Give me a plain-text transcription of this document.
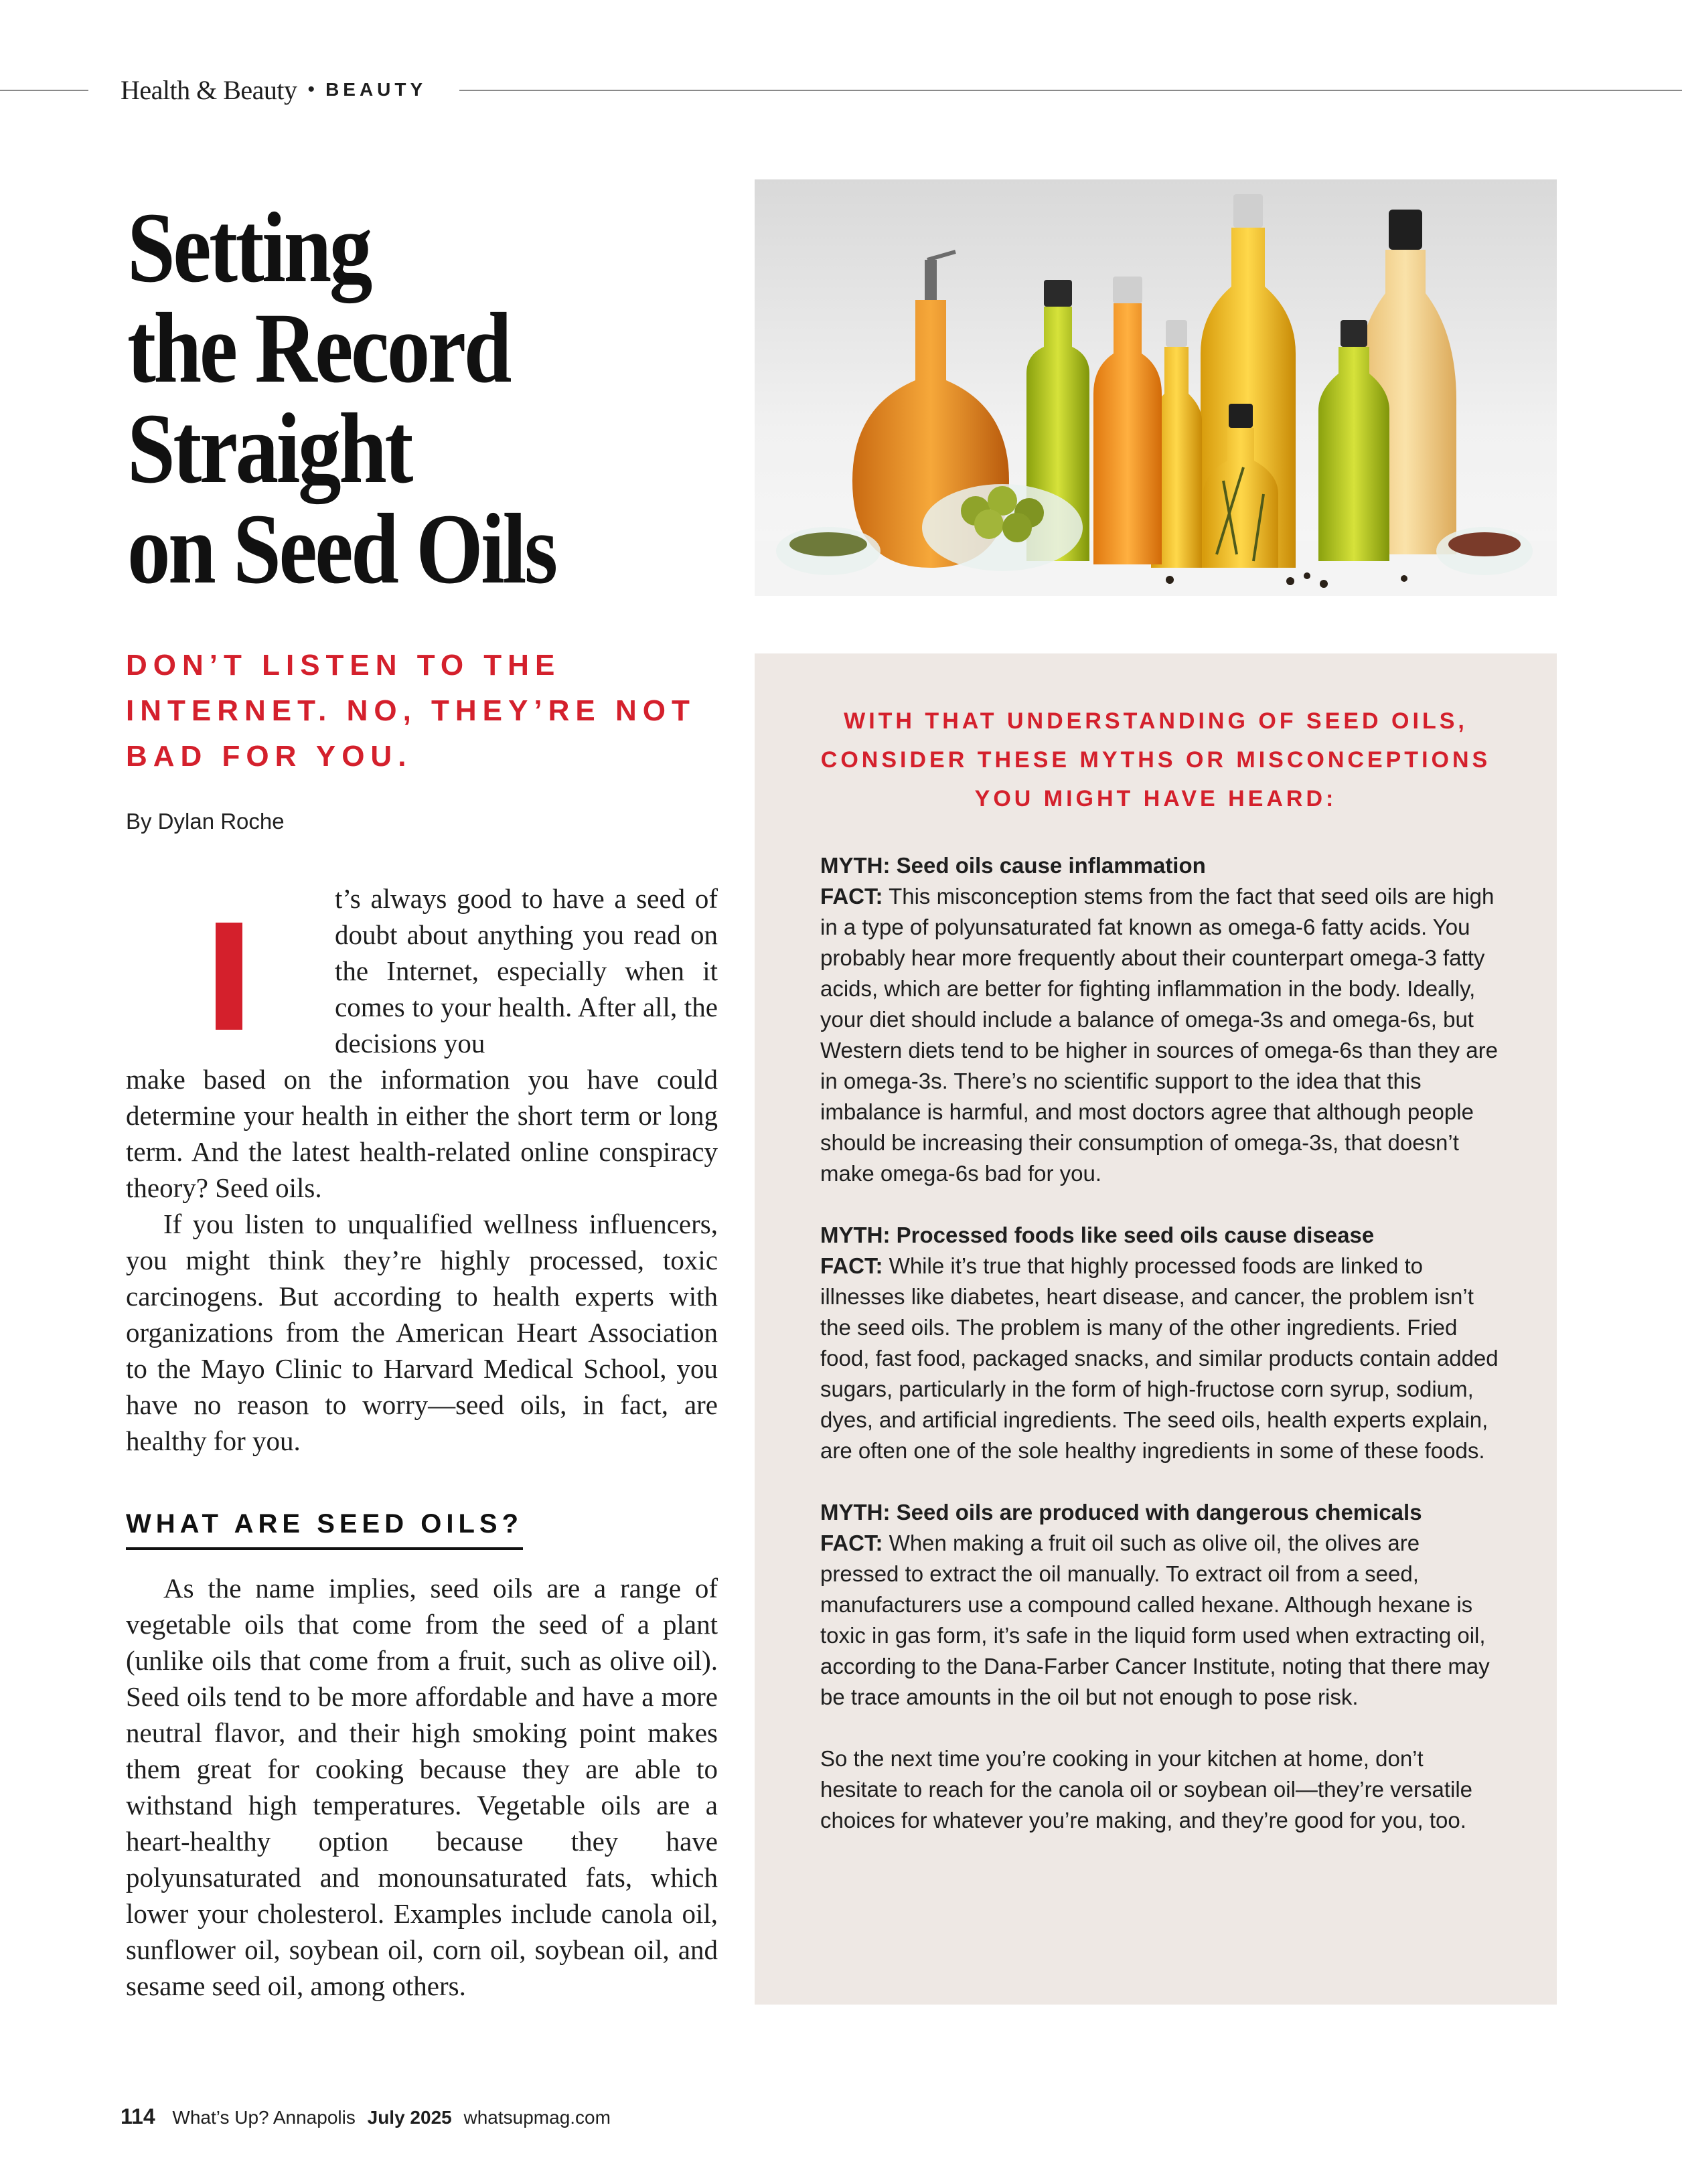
Health & Beauty • BEAUTY
Setting
the Record
Straight
on Seed Oils
DON’T LISTEN TO THE INTERNET. NO, THEY’RE NOT BAD FOR YOU.
By Dylan Roche

t’s always good to have a seed of doubt about anything you read on the Internet, especially when it comes to your health. After all, the decisions you

make based on the information you have could determine your health in either the short term or long term. And the latest health-related online conspiracy theory? Seed oils.

If you listen to unqualified wellness influencers, you might think they’re highly processed, toxic carcinogens. But according to health experts with organizations from the American Heart Association to the Mayo Clinic to Harvard Medical School, you have no reason to worry—seed oils, in fact, are healthy for you.

WHAT ARE SEED OILS?

As the name implies, seed oils are a range of vegetable oils that come from the seed of a plant (unlike oils that come from a fruit, such as olive oil). Seed oils tend to be more affordable and have a more neutral flavor, and their high smoking point makes them great for cooking because they are able to withstand high temperatures. Vegetable oils are a heart-healthy option because they have polyunsaturated and monounsaturated fats, which lower your cholesterol. Examples include canola oil, sunflower oil, soybean oil, corn oil, soybean oil, and sesame seed oil, among others.

WITH THAT UNDERSTANDING OF SEED OILS, CONSIDER THESE MYTHS OR MISCONCEPTIONS YOU MIGHT HAVE HEARD:

MYTH: Seed oils cause inflammation
FACT: This misconception stems from the fact that seed oils are high in a type of polyunsaturated fat known as omega-6 fatty acids. You probably hear more frequently about their counterpart omega-3 fatty acids, which are better for fighting inflammation in the body. Ideally, your diet should include a balance of omega-3s and omega-6s, but Western diets tend to be higher in sources of omega-6s than they are in omega-3s. There’s no scientific support to the idea that this imbalance is harmful, and most doctors agree that although people should be increasing their consumption of omega-3s, that doesn’t make omega-6s bad for you.

MYTH: Processed foods like seed oils cause disease
FACT: While it’s true that highly processed foods are linked to illnesses like diabetes, heart disease, and cancer, the problem isn’t the seed oils. The problem is many of the other ingredients. Fried food, fast food, packaged snacks, and similar products contain added sugars, particularly in the form of high-fructose corn syrup, sodium, dyes, and artificial ingredients. The seed oils, health experts explain, are often one of the sole healthy ingredients in some of these foods.

MYTH: Seed oils are produced with dangerous chemicals
FACT: When making a fruit oil such as olive oil, the olives are pressed to extract the oil manually. To extract oil from a seed, manufacturers use a compound called hexane. Although hexane is toxic in gas form, it’s safe in the liquid form used when extracting oil, according to the Dana-Farber Cancer Institute, noting that there may be trace amounts in the oil but not enough to pose risk.

So the next time you’re cooking in your kitchen at home, don’t hesitate to reach for the canola oil or soybean oil—they’re versatile choices for whatever you’re making, and they’re good for you, too.

114 What’s Up? Annapolis July 2025 whatsupmag.com
